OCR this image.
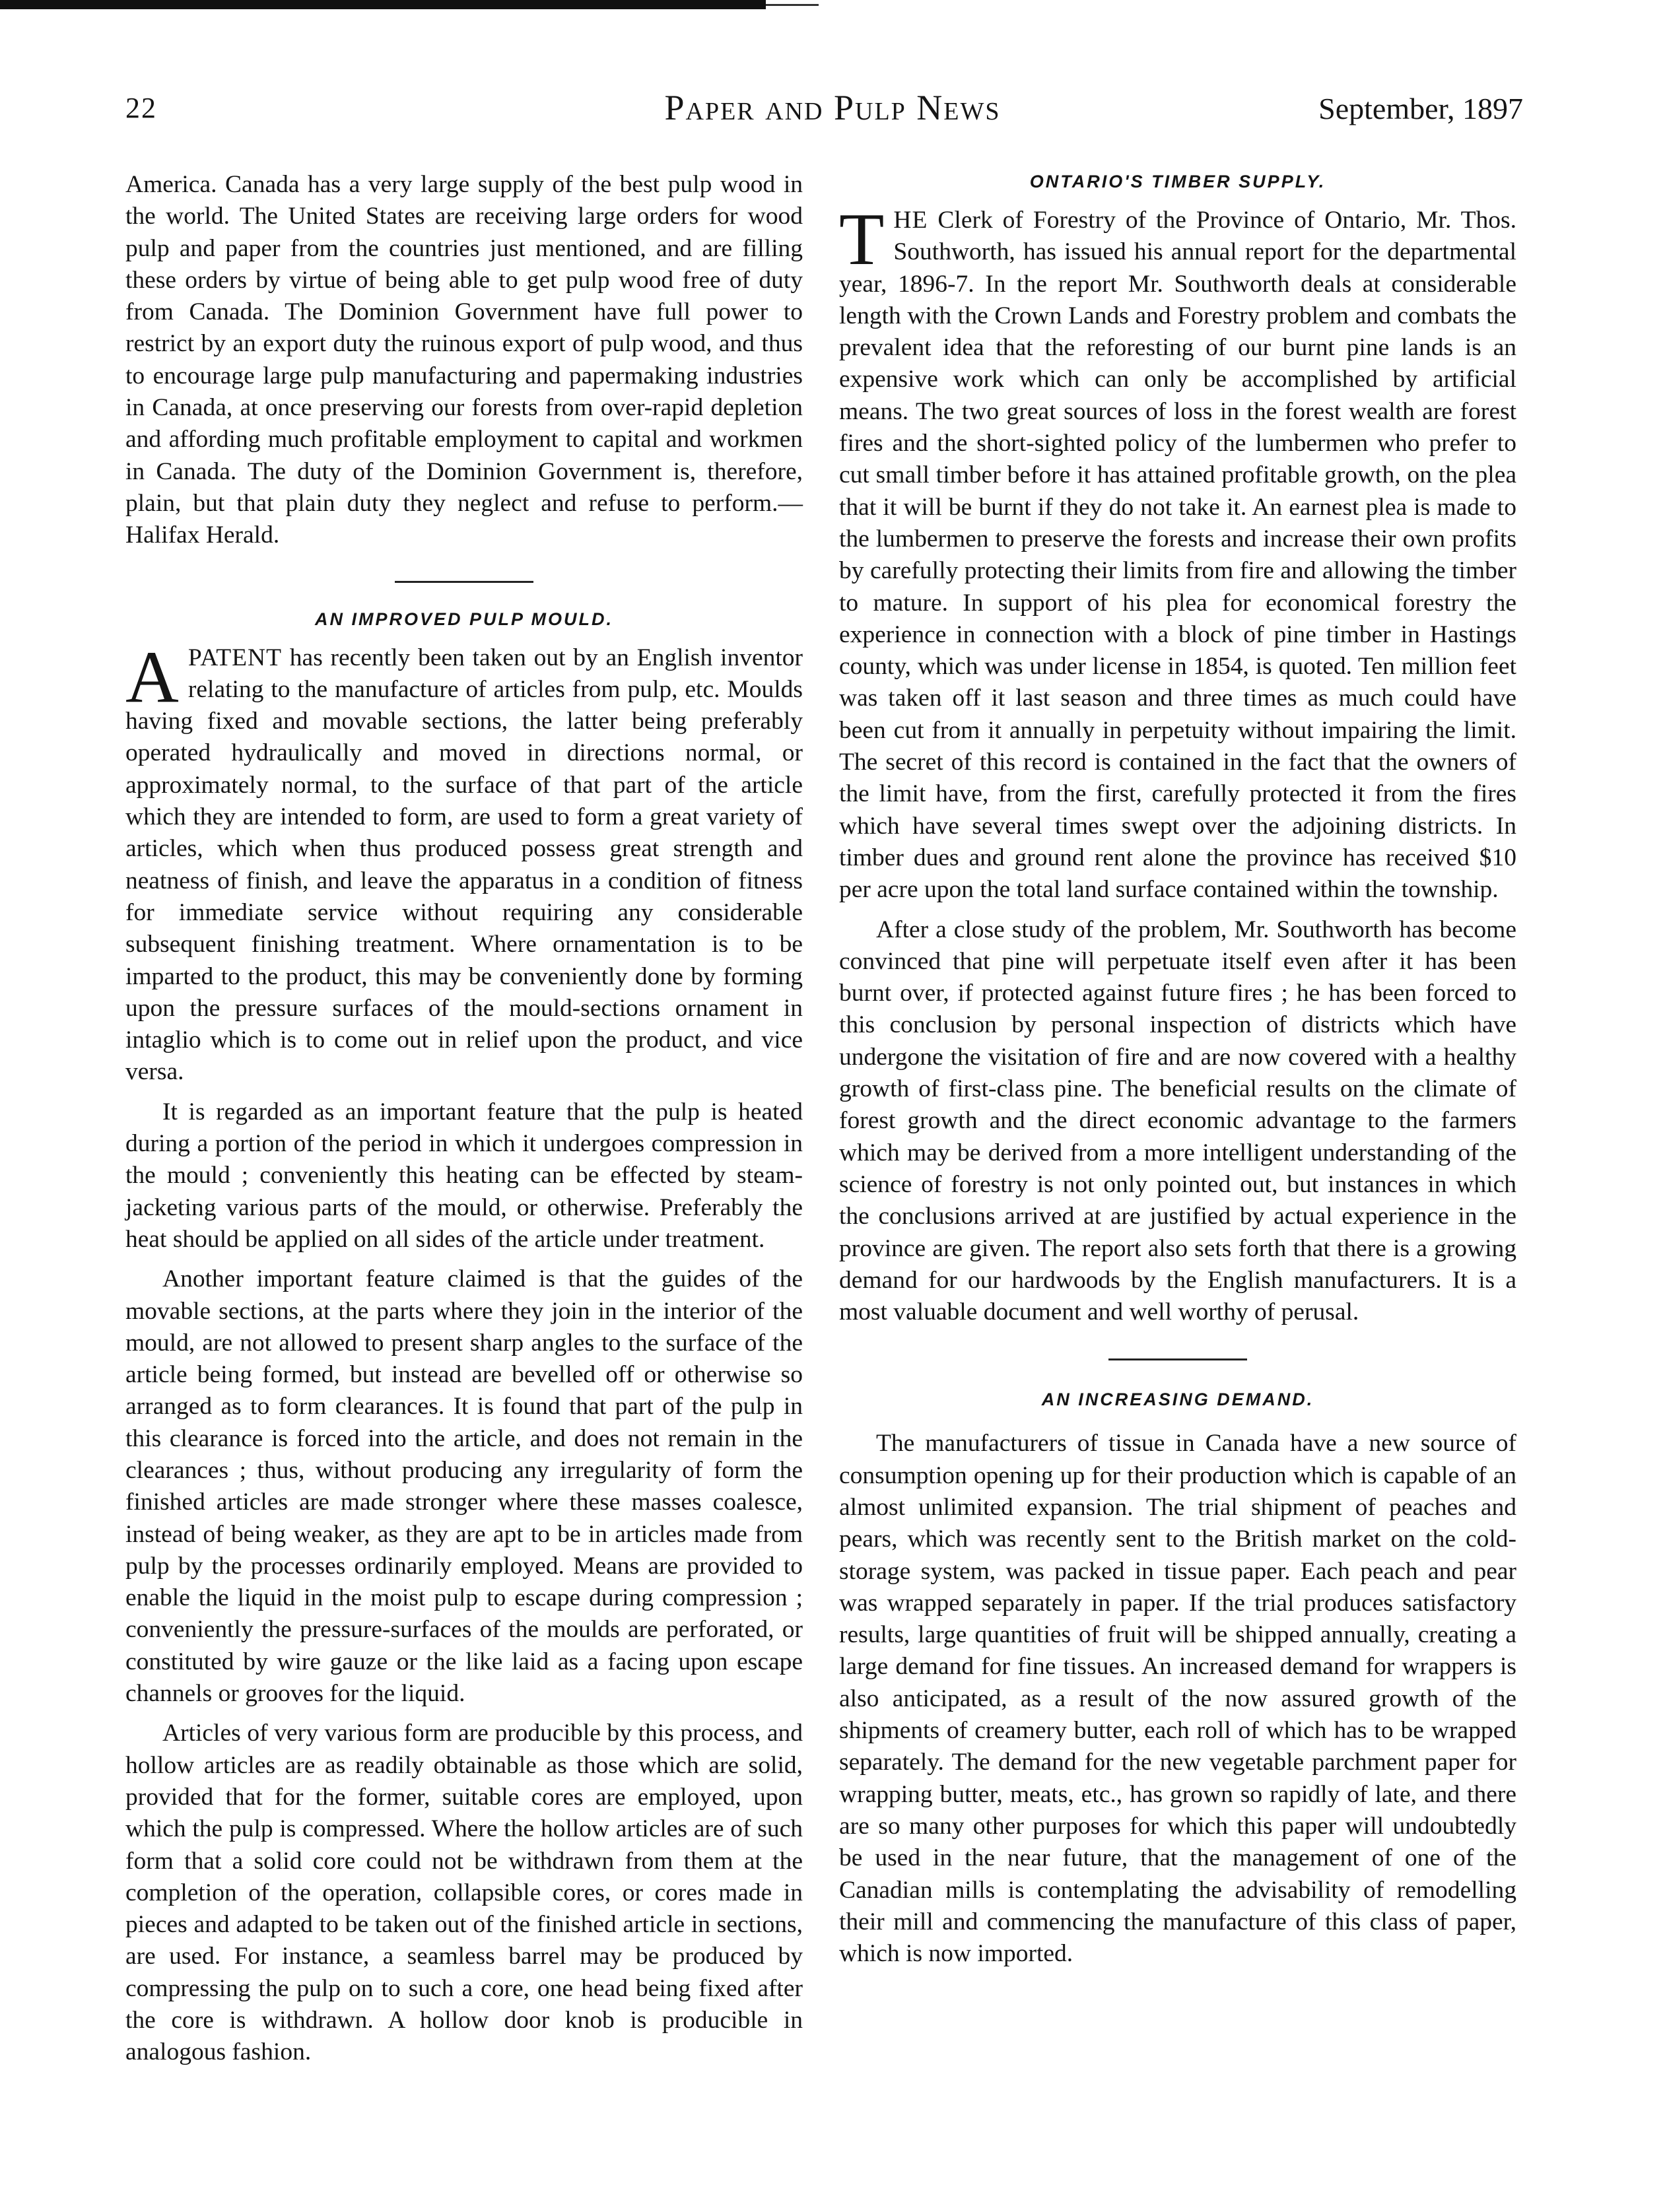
22	Paper and Pulp News	September, 1897

America. Canada has a very large supply of the best pulp wood in the world. The United States are receiving large orders for wood pulp and paper from the countries just mentioned, and are filling these orders by virtue of being able to get pulp wood free of duty from Canada. The Dominion Government have full power to restrict by an export duty the ruinous export of pulp wood, and thus to encourage large pulp manufacturing and papermaking industries in Canada, at once preserving our forests from over-rapid depletion and affording much profitable employment to capital and workmen in Canada. The duty of the Dominion Government is, therefore, plain, but that plain duty they neglect and refuse to perform.—Halifax Herald.

AN IMPROVED PULP MOULD.

A PATENT has recently been taken out by an English inventor relating to the manufacture of articles from pulp, etc. Moulds having fixed and movable sections, the latter being preferably operated hydraulically and moved in directions normal, or approximately normal, to the surface of that part of the article which they are intended to form, are used to form a great variety of articles, which when thus produced possess great strength and neatness of finish, and leave the apparatus in a condition of fitness for immediate service without requiring any considerable subsequent finishing treatment. Where ornamentation is to be imparted to the product, this may be conveniently done by forming upon the pressure surfaces of the mould-sections ornament in intaglio which is to come out in relief upon the product, and vice versa.

It is regarded as an important feature that the pulp is heated during a portion of the period in which it undergoes compression in the mould ; conveniently this heating can be effected by steam-jacketing various parts of the mould, or otherwise. Preferably the heat should be applied on all sides of the article under treatment.

Another important feature claimed is that the guides of the movable sections, at the parts where they join in the interior of the mould, are not allowed to present sharp angles to the surface of the article being formed, but instead are bevelled off or otherwise so arranged as to form clearances. It is found that part of the pulp in this clearance is forced into the article, and does not remain in the clearances ; thus, without producing any irregularity of form the finished articles are made stronger where these masses coalesce, instead of being weaker, as they are apt to be in articles made from pulp by the processes ordinarily employed. Means are provided to enable the liquid in the moist pulp to escape during compression ; conveniently the pressure-surfaces of the moulds are perforated, or constituted by wire gauze or the like laid as a facing upon escape channels or grooves for the liquid.

Articles of very various form are producible by this process, and hollow articles are as readily obtainable as those which are solid, provided that for the former, suitable cores are employed, upon which the pulp is compressed. Where the hollow articles are of such form that a solid core could not be withdrawn from them at the completion of the operation, collapsible cores, or cores made in pieces and adapted to be taken out of the finished article in sections, are used. For instance, a seamless barrel may be produced by compressing the pulp on to such a core, one head being fixed after the core is withdrawn. A hollow door knob is producible in analogous fashion.

ONTARIO'S TIMBER SUPPLY.

THE Clerk of Forestry of the Province of Ontario, Mr. Thos. Southworth, has issued his annual report for the departmental year, 1896-7. In the report Mr. Southworth deals at considerable length with the Crown Lands and Forestry problem and combats the prevalent idea that the reforesting of our burnt pine lands is an expensive work which can only be accomplished by artificial means. The two great sources of loss in the forest wealth are forest fires and the short-sighted policy of the lumbermen who prefer to cut small timber before it has attained profitable growth, on the plea that it will be burnt if they do not take it. An earnest plea is made to the lumbermen to preserve the forests and increase their own profits by carefully protecting their limits from fire and allowing the timber to mature. In support of his plea for economical forestry the experience in connection with a block of pine timber in Hastings county, which was under license in 1854, is quoted. Ten million feet was taken off it last season and three times as much could have been cut from it annually in perpetuity without impairing the limit. The secret of this record is contained in the fact that the owners of the limit have, from the first, carefully protected it from the fires which have several times swept over the adjoining districts. In timber dues and ground rent alone the province has received $10 per acre upon the total land surface contained within the township.

After a close study of the problem, Mr. Southworth has become convinced that pine will perpetuate itself even after it has been burnt over, if protected against future fires ; he has been forced to this conclusion by personal inspection of districts which have undergone the visitation of fire and are now covered with a healthy growth of first-class pine. The beneficial results on the climate of forest growth and the direct economic advantage to the farmers which may be derived from a more intelligent understanding of the science of forestry is not only pointed out, but instances in which the conclusions arrived at are justified by actual experience in the province are given. The report also sets forth that there is a growing demand for our hardwoods by the English manufacturers. It is a most valuable document and well worthy of perusal.

AN INCREASING DEMAND.

The manufacturers of tissue in Canada have a new source of consumption opening up for their production which is capable of an almost unlimited expansion. The trial shipment of peaches and pears, which was recently sent to the British market on the cold-storage system, was packed in tissue paper. Each peach and pear was wrapped separately in paper. If the trial produces satisfactory results, large quantities of fruit will be shipped annually, creating a large demand for fine tissues. An increased demand for wrappers is also anticipated, as a result of the now assured growth of the shipments of creamery butter, each roll of which has to be wrapped separately. The demand for the new vegetable parchment paper for wrapping butter, meats, etc., has grown so rapidly of late, and there are so many other purposes for which this paper will undoubtedly be used in the near future, that the management of one of the Canadian mills is contemplating the advisability of remodelling their mill and commencing the manufacture of this class of paper, which is now imported.
